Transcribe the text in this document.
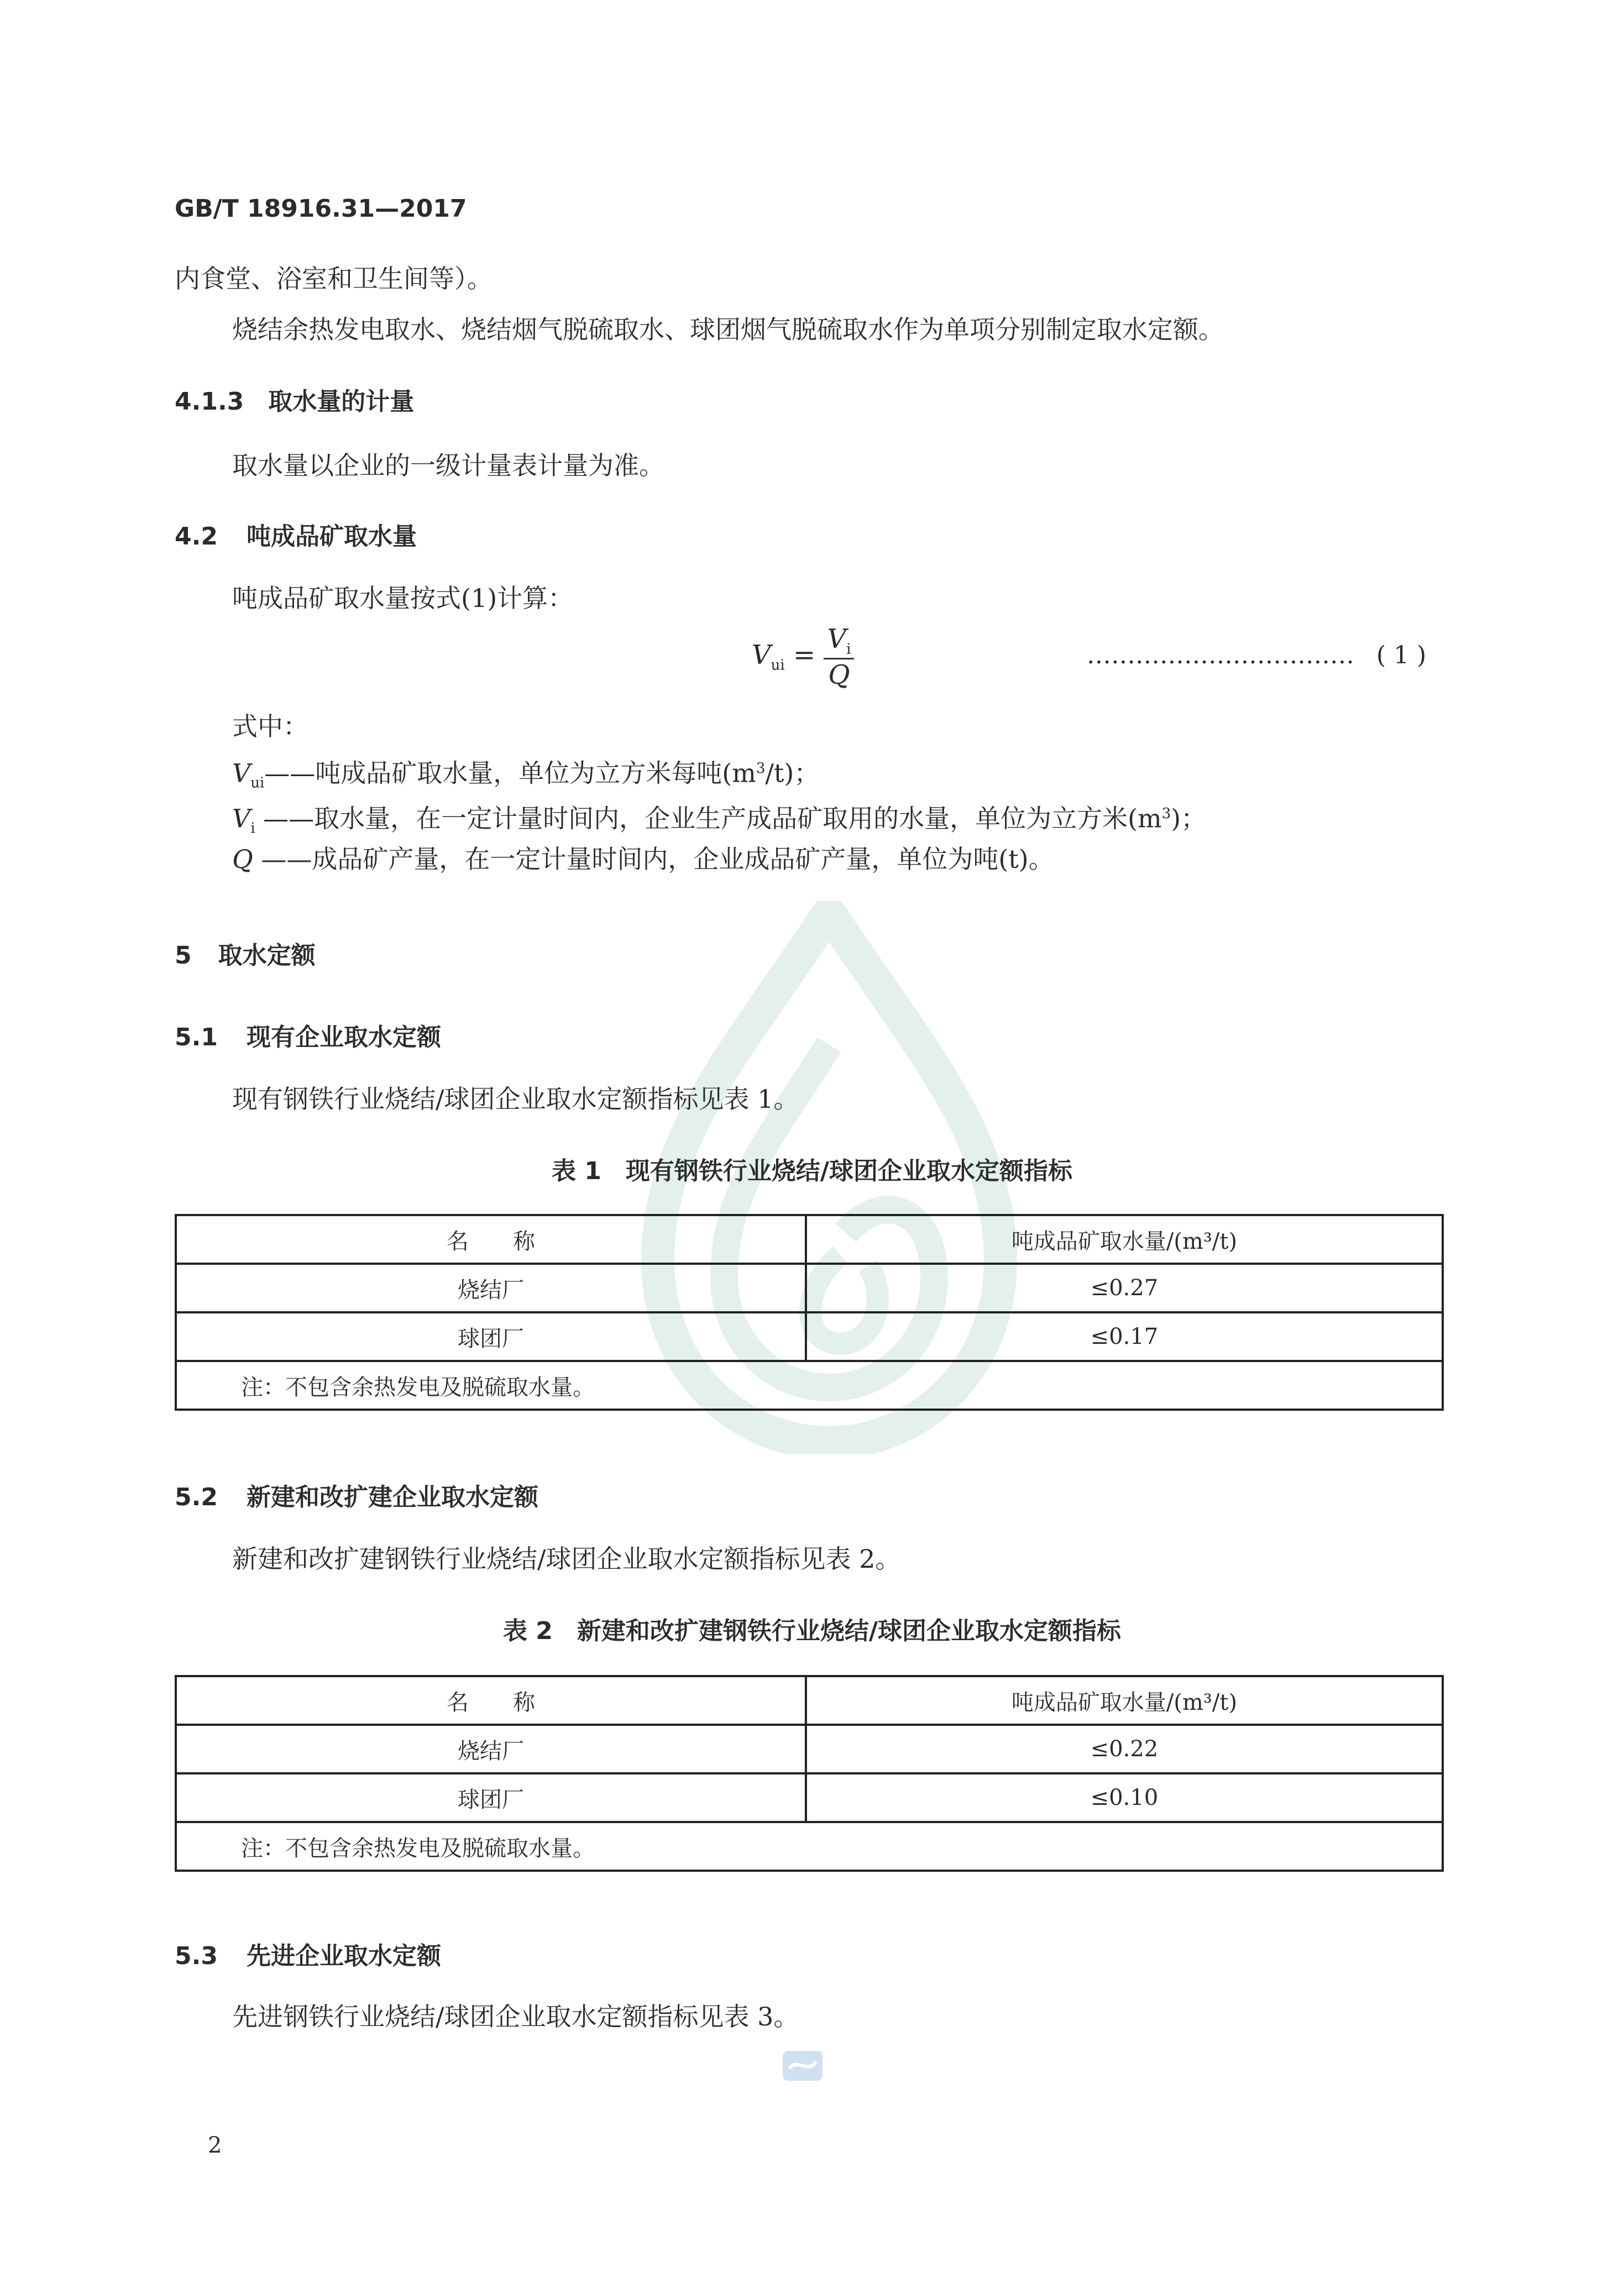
GB/T 18916.31—2017
内食堂、浴室和卫生间等）。
烧结余热发电取水、烧结烟气脱硫取水、球团烟气脱硫取水作为单项分别制定取水定额。
4.1.3 取水量的计量
取水量以企业的一级计量表计量为准。
4.2 吨成品矿取水量
吨成品矿取水量按式(1)计算：
$V_{ui} = \frac{V_i}{Q}$	…………………………… ( 1 )
式中：
$V_{ui}——$吨成品矿取水量，单位为立方米每吨$(m^3/t)$；
$V_i$ ——取水量，在一定计量时间内，企业生产成品矿取用的水量，单位为立方米$(m^3)$；
Q ——成品矿产量，在一定计量时间内，企业成品矿产量，单位为吨(t)。
5 取水定额
5.1 现有企业取水定额
现有钢铁行业烧结/球团企业取水定额指标见表 1。
表 1　现有钢铁行业烧结/球团企业取水定额指标
名　　称	吨成品矿取水量/(m³/t)
烧结厂	≤0.27
球团厂	≤0.17
注：不包含余热发电及脱硫取水量。	
5.2 新建和改扩建企业取水定额
新建和改扩建钢铁行业烧结/球团企业取水定额指标见表 2。
表 2　新建和改扩建钢铁行业烧结/球团企业取水定额指标
名　　称	吨成品矿取水量/(m³/t)
烧结厂	≤0.22
球团厂	≤0.10
注：不包含余热发电及脱硫取水量。	
5.3 先进企业取水定额
先进钢铁行业烧结/球团企业取水定额指标见表 3。
2
